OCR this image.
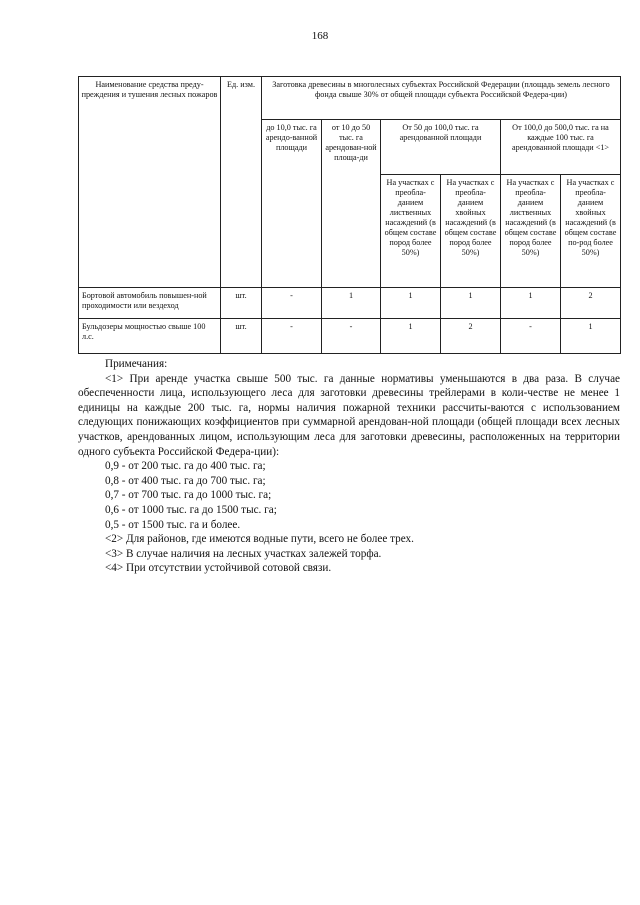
168
Наименование средства преду-преждения и тушения лесных пожаров	Ед. изм.	Заготовка древесины в многолесных субъектах Российской Федерации (площадь земель лесного фонда свыше 30% от общей площади субъекта Российской Федера-ции)					
		до 10,0 тыс. га арендо-ванной площади	от 10 до 50 тыс. га арендован-ной площа-ди	От 50 до 100,0 тыс. га арендованной площади		От 100,0 до 500,0 тыс. га на каждые 100 тыс. га арендованной площади <1>	
				На участках с преобла-данием лиственных насаждений (в общем составе пород более 50%)	На участках с преобла-данием хвойных насаждений (в общем составе пород более 50%)	На участках с преобла-данием лиственных насаждений (в общем составе пород более 50%)	На участках с преобла-данием хвойных насаждений (в общем составе по-род более 50%)
Бортовой автомобиль повышен-ной проходимости или вездеход	шт.	-	1	1	1	1	2
Бульдозеры мощностью свыше 100 л.с.	шт.	-	-	1	2	-	1

Примечания:

<1> При аренде участка свыше 500 тыс. га данные нормативы уменьшаются в два раза. В случае обеспеченности лица, использующего леса для заготовки древесины трейлерами в коли-честве не менее 1 единицы на каждые 200 тыс. га, нормы наличия пожарной техники рассчиты-ваются с использованием следующих понижающих коэффициентов при суммарной арендован-ной площади (общей площади всех лесных участков, арендованных лицом, использующим леса для заготовки древесины, расположенных на территории одного субъекта Российской Федера-ции):

0,9 - от 200 тыс. га до 400 тыс. га;

0,8 - от 400 тыс. га до 700 тыс. га;

0,7 - от 700 тыс. га до 1000 тыс. га;

0,6 - от 1000 тыс. га до 1500 тыс. га;

0,5 - от 1500 тыс. га и более.

<2> Для районов, где имеются водные пути, всего не более трех.

<3> В случае наличия на лесных участках залежей торфа.

<4> При отсутствии устойчивой сотовой связи.
